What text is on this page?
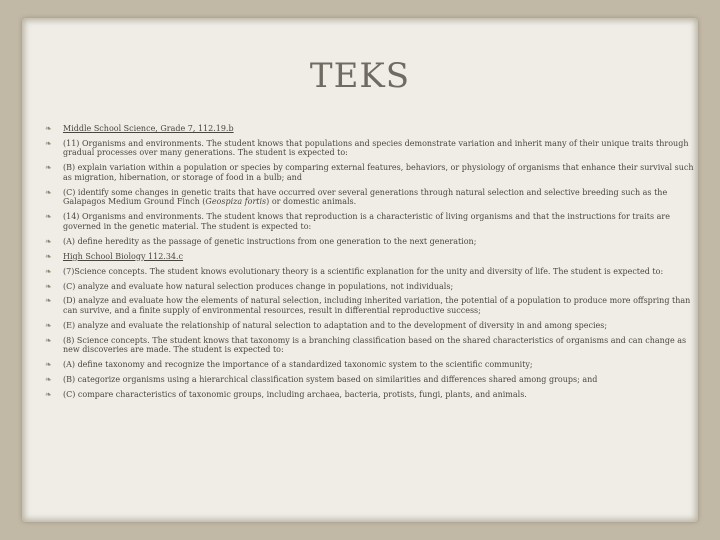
TEKS
❧ Middle School Science, Grade 7, 112.19.b
❧ (11) Organisms and environments. The student knows that populations and species demonstrate variation and inherit many of their unique traits through gradual processes over many generations. The student is expected to:
❧ (B) explain variation within a population or species by comparing external features, behaviors, or physiology of organisms that enhance their survival such as migration, hibernation, or storage of food in a bulb; and
❧ (C) identify some changes in genetic traits that have occurred over several generations through natural selection and selective breeding such as the Galapagos Medium Ground Finch (Geospiza fortis) or domestic animals.
❧ (14) Organisms and environments. The student knows that reproduction is a characteristic of living organisms and that the instructions for traits are governed in the genetic material. The student is expected to:
❧ (A) define heredity as the passage of genetic instructions from one generation to the next generation;
❧ High School Biology 112.34.c
❧ (7)Science concepts. The student knows evolutionary theory is a scientific explanation for the unity and diversity of life. The student is expected to:
❧ (C) analyze and evaluate how natural selection produces change in populations, not individuals;
❧ (D) analyze and evaluate how the elements of natural selection, including inherited variation, the potential of a population to produce more offspring than can survive, and a finite supply of environmental resources, result in differential reproductive success;
❧ (E) analyze and evaluate the relationship of natural selection to adaptation and to the development of diversity in and among species;
❧ (8) Science concepts. The student knows that taxonomy is a branching classification based on the shared characteristics of organisms and can change as new discoveries are made. The student is expected to:
❧ (A) define taxonomy and recognize the importance of a standardized taxonomic system to the scientific community;
❧ (B) categorize organisms using a hierarchical classification system based on similarities and differences shared among groups; and
❧ (C) compare characteristics of taxonomic groups, including archaea, bacteria, protists, fungi, plants, and animals.
